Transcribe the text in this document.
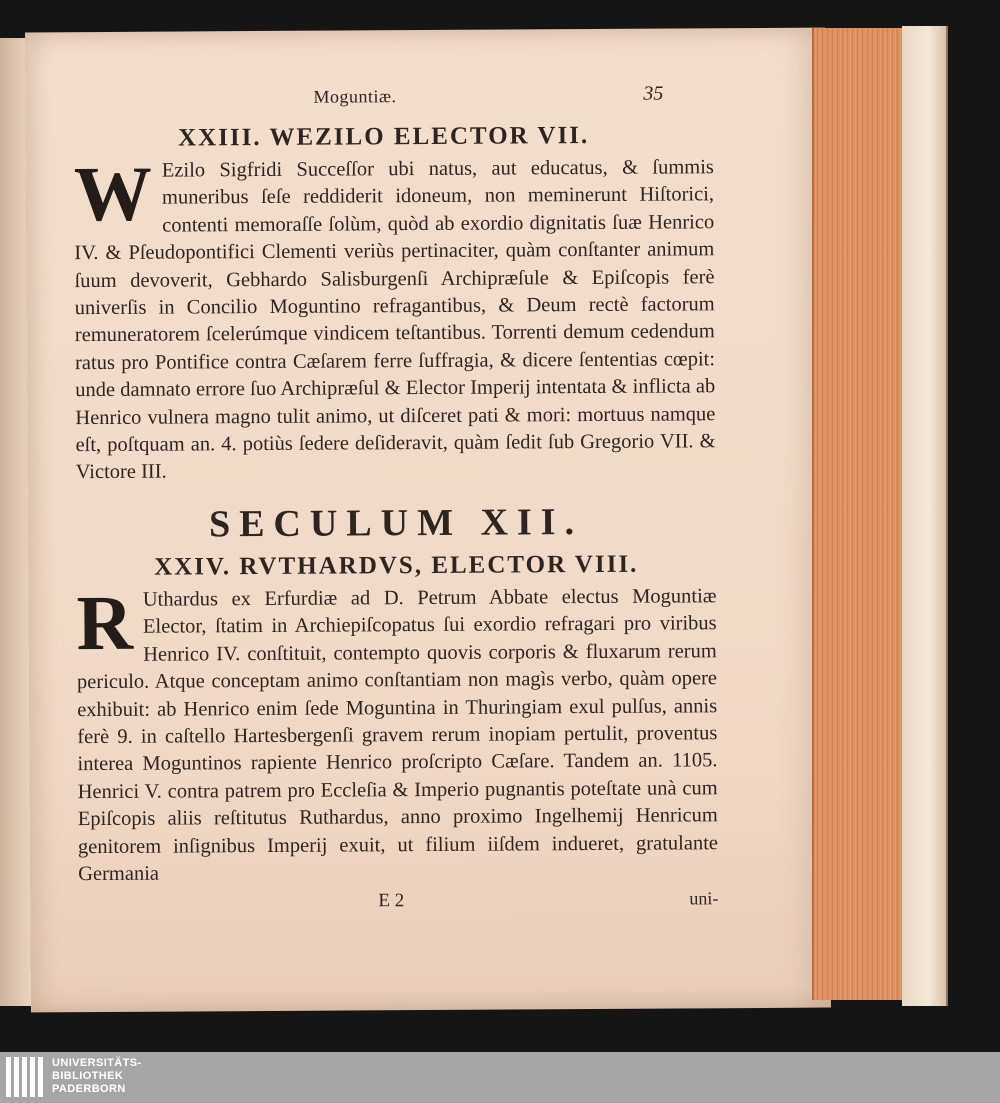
Moguntiæ.	35
XXIII. WEZILO ELECTOR VII.

W Ezilo Sigfridi Succeſſor ubi natus, aut educatus, & ſummis muneribus ſeſe reddiderit idoneum, non meminerunt Hiſtorici, contenti memoraſſe ſolùm, quòd ab exordio dignitatis ſuæ Henrico IV. & Pſeudopontifici Clementi veriùs pertinaciter, quàm conſtanter animum ſuum devoverit, Gebhardo Salisburgenſi Archipræſule & Epiſcopis ferè univerſis in Concilio Moguntino refragantibus, & Deum rectè factorum remuneratorem ſcelerúmque vindicem teſtantibus. Torrenti demum cedendum ratus pro Pontifice contra Cæſarem ferre ſuffragia, & dicere ſententias cœpit: unde damnato errore ſuo Archipræſul & Elector Imperij intentata & inflicta ab Henrico vulnera magno tulit animo, ut diſceret pati & mori: mortuus namque eſt, poſtquam an. 4. potiùs ſedere deſideravit, quàm ſedit ſub Gregorio VII. & Victore III.

SECULUM XII.
XXIV. RVTHARDVS, ELECTOR VIII.

R Uthardus ex Erfurdiæ ad D. Petrum Abbate electus Moguntiæ Elector, ſtatim in Archiepiſcopatus ſui exordio refragari pro viribus Henrico IV. conſtituit, contempto quovis corporis & fluxarum rerum periculo. Atque conceptam animo conſtantiam non magìs verbo, quàm opere exhibuit: ab Henrico enim ſede Moguntina in Thuringiam exul pulſus, annis ferè 9. in caſtello Hartesbergenſi gravem rerum inopiam pertulit, proventus interea Moguntinos rapiente Henrico proſcripto Cæſare. Tandem an. 1105. Henrici V. contra patrem pro Eccleſia & Imperio pugnantis poteſtate unà cum Epiſcopis aliis reſtitutus Ruthardus, anno proximo Ingelhemij Henricum genitorem inſignibus Imperij exuit, ut filium iiſdem indueret, gratulante Germania

E 2	uni-
UNIVERSITÄTS-
BIBLIOTHEK
PADERBORN
